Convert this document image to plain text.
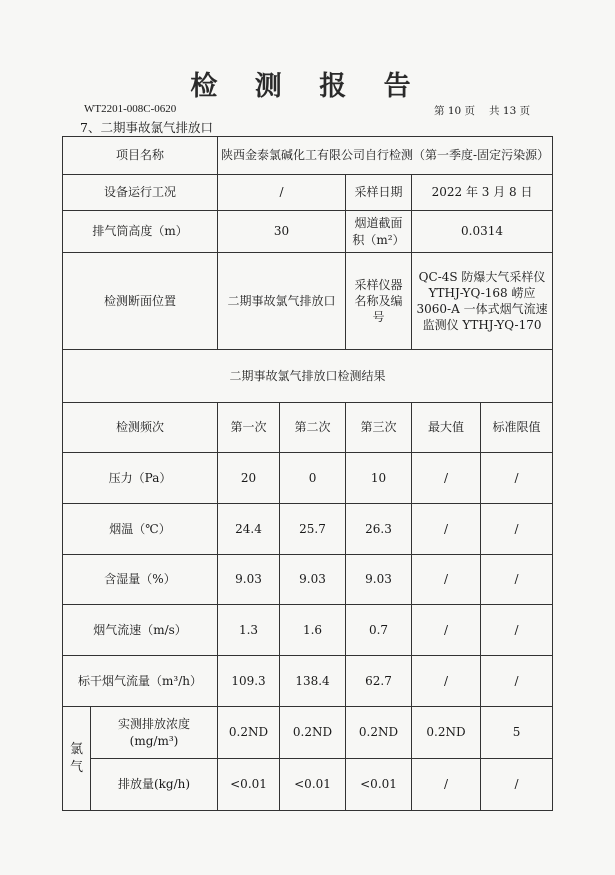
检 测 报 告
WT2201-008C-0620	第 10 页 共 13 页
7、二期事故氯气排放口
项目名称		陕西金泰氯碱化工有限公司自行检测（第一季度-固定污染源）				
设备运行工况		/		采样日期	2022 年 3 月 8 日	
排气筒高度（m）		30		烟道截面积（m²）	0.0314	
检测断面位置		二期事故氯气排放口		采样仪器名称及编号	QC-4S 防爆大气采样仪 YTHJ-YQ-168 崂应 3060-A 一体式烟气流速监测仪 YTHJ-YQ-170	
二期事故氯气排放口检测结果						
检测频次		第一次	第二次	第三次	最大值	标准限值
压力（Pa）		20	0	10	/	/
烟温（℃）		24.4	25.7	26.3	/	/
含湿量（%）		9.03	9.03	9.03	/	/
烟气流速（m/s）		1.3	1.6	0.7	/	/
标干烟气流量（m³/h）		109.3	138.4	62.7	/	/
氯气	实测排放浓度(mg/m³)	0.2ND	0.2ND	0.2ND	0.2ND	5
	排放量(kg/h)	<0.01	<0.01	<0.01	/	/
